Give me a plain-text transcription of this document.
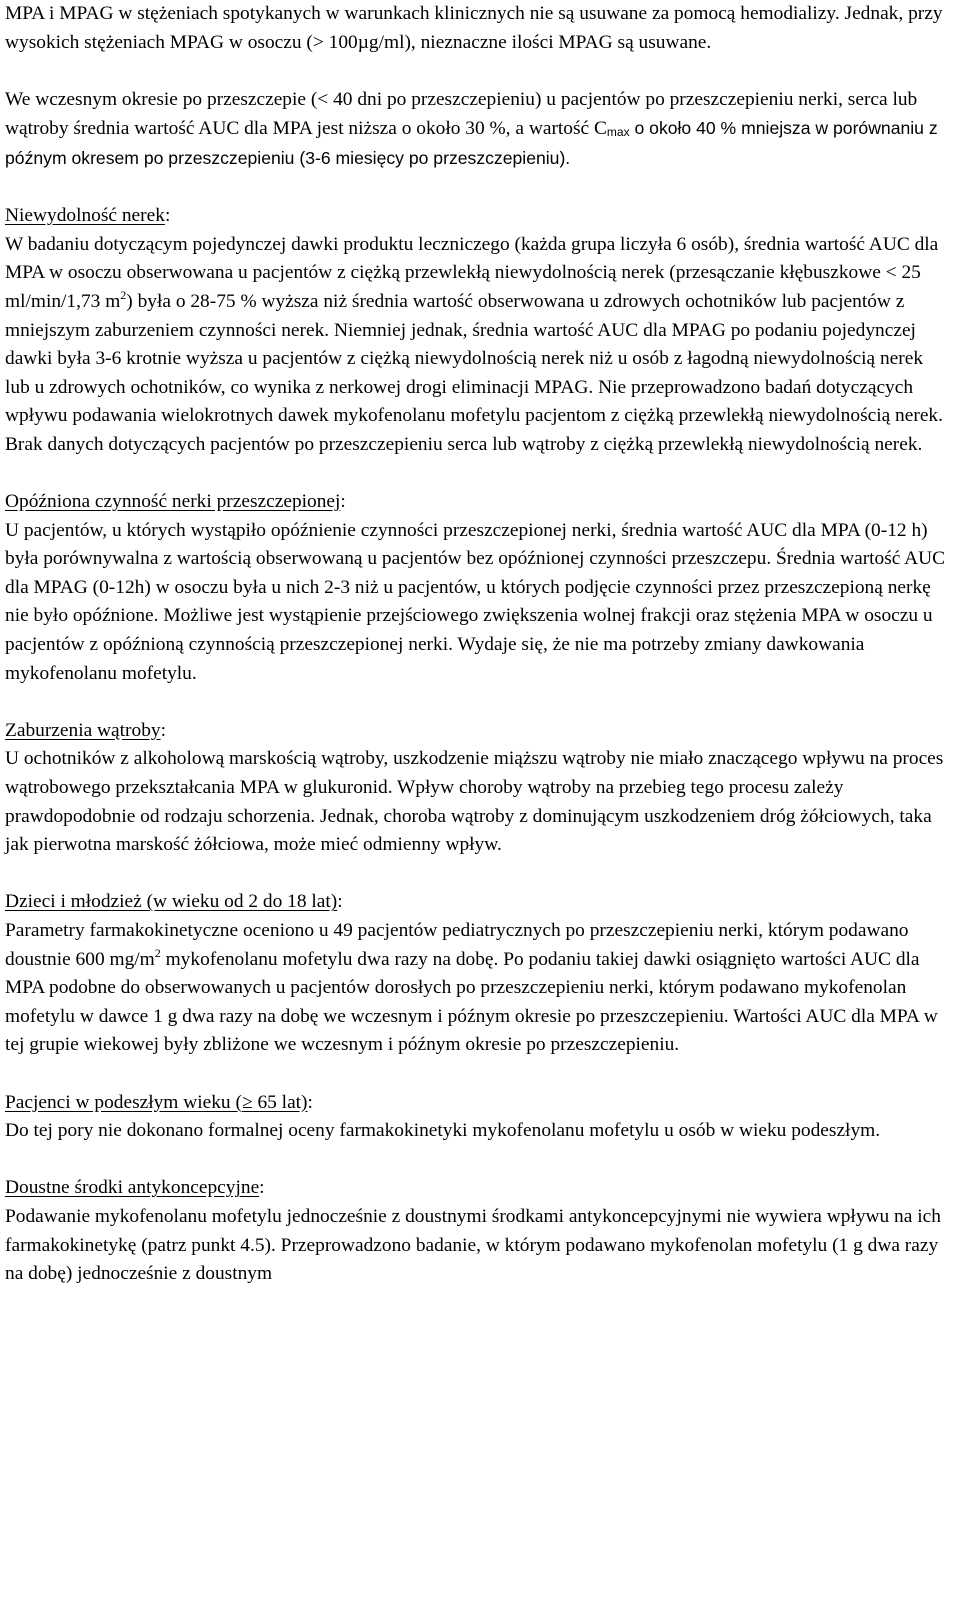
MPA i MPAG w stężeniach spotykanych w warunkach klinicznych nie są usuwane za pomocą hemodializy. Jednak, przy wysokich stężeniach MPAG w osoczu (> 100µg/ml), nieznaczne ilości MPAG są usuwane.

We wczesnym okresie po przeszczepie (< 40 dni po przeszczepieniu) u pacjentów po przeszczepieniu nerki, serca lub wątroby średnia wartość AUC dla MPA jest niższa o około 30 %, a wartość Cmax o około 40 % mniejsza w porównaniu z późnym okresem po przeszczepieniu (3-6 miesięcy po przeszczepieniu).

Niewydolność nerek:

W badaniu dotyczącym pojedynczej dawki produktu leczniczego (każda grupa liczyła 6 osób), średnia wartość AUC dla MPA w osoczu obserwowana u pacjentów z ciężką przewlekłą niewydolnością nerek (przesączanie kłębuszkowe < 25 ml/min/1,73 $m^2$) była o 28-75 % wyższa niż średnia wartość obserwowana u zdrowych ochotników lub pacjentów z mniejszym zaburzeniem czynności nerek. Niemniej jednak, średnia wartość AUC dla MPAG po podaniu pojedynczej dawki była 3-6 krotnie wyższa u pacjentów z ciężką niewydolnością nerek niż u osób z łagodną niewydolnością nerek lub u zdrowych ochotników, co wynika z nerkowej drogi eliminacji MPAG. Nie przeprowadzono badań dotyczących wpływu podawania wielokrotnych dawek mykofenolanu mofetylu pacjentom z ciężką przewlekłą niewydolnością nerek. Brak danych dotyczących pacjentów po przeszczepieniu serca lub wątroby z ciężką przewlekłą niewydolnością nerek.

Opóźniona czynność nerki przeszczepionej:

U pacjentów, u których wystąpiło opóźnienie czynności przeszczepionej nerki, średnia wartość AUC dla MPA (0-12 h) była porównywalna z wartością obserwowaną u pacjentów bez opóźnionej czynności przeszczepu. Średnia wartość AUC dla MPAG (0-12h) w osoczu była u nich 2-3 niż u pacjentów, u których podjęcie czynności przez przeszczepioną nerkę nie było opóźnione. Możliwe jest wystąpienie przejściowego zwiększenia wolnej frakcji oraz stężenia MPA w osoczu u pacjentów z opóźnioną czynnością przeszczepionej nerki. Wydaje się, że nie ma potrzeby zmiany dawkowania mykofenolanu mofetylu.

Zaburzenia wątroby:

U ochotników z alkoholową marskością wątroby, uszkodzenie miąższu wątroby nie miało znaczącego wpływu na proces wątrobowego przekształcania MPA w glukuronid. Wpływ choroby wątroby na przebieg tego procesu zależy prawdopodobnie od rodzaju schorzenia. Jednak, choroba wątroby z dominującym uszkodzeniem dróg żółciowych, taka jak pierwotna marskość żółciowa, może mieć odmienny wpływ.

Dzieci i młodzież (w wieku od 2 do 18 lat):

Parametry farmakokinetyczne oceniono u 49 pacjentów pediatrycznych po przeszczepieniu nerki, którym podawano doustnie 600 $mg/m^2$ mykofenolanu mofetylu dwa razy na dobę. Po podaniu takiej dawki osiągnięto wartości AUC dla MPA podobne do obserwowanych u pacjentów dorosłych po przeszczepieniu nerki, którym podawano mykofenolan mofetylu w dawce 1 g dwa razy na dobę we wczesnym i późnym okresie po przeszczepieniu. Wartości AUC dla MPA w tej grupie wiekowej były zbliżone we wczesnym i późnym okresie po przeszczepieniu.

Pacjenci w podeszłym wieku (≥ 65 lat):

Do tej pory nie dokonano formalnej oceny farmakokinetyki mykofenolanu mofetylu u osób w wieku podeszłym.

Doustne środki antykoncepcyjne:

Podawanie mykofenolanu mofetylu jednocześnie z doustnymi środkami antykoncepcyjnymi nie wywiera wpływu na ich farmakokinetykę (patrz punkt 4.5). Przeprowadzono badanie, w którym podawano mykofenolan mofetylu (1 g dwa razy na dobę) jednocześnie z doustnym
